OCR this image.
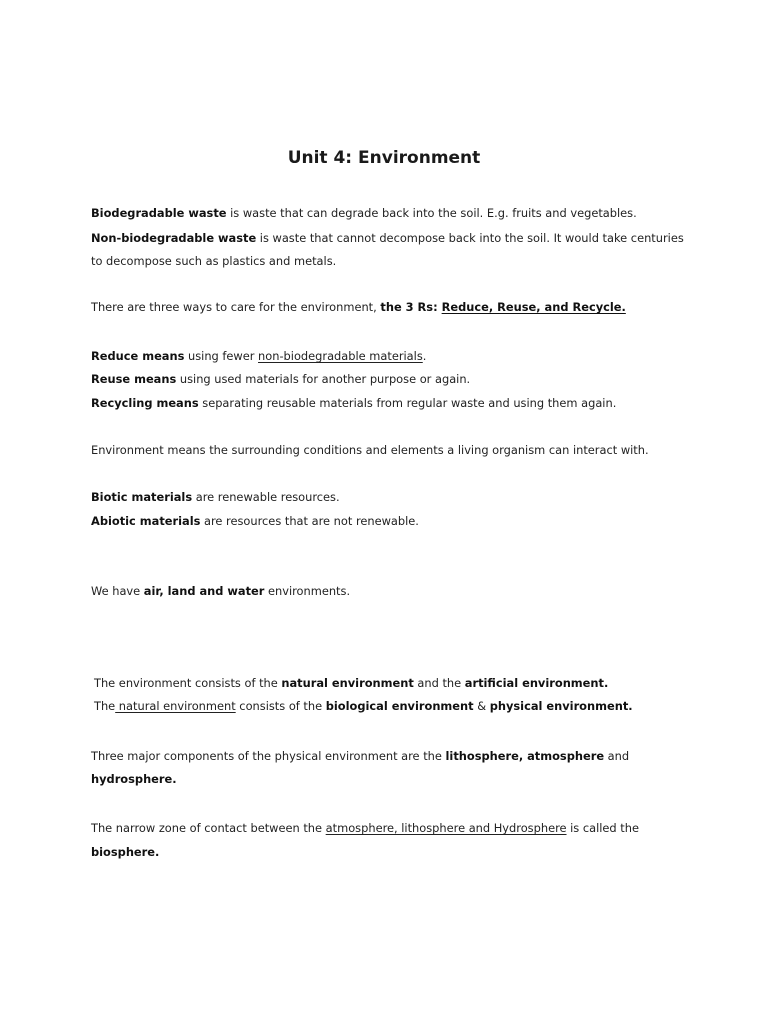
Unit 4: Environment

Biodegradable waste is waste that can degrade back into the soil. E.g. fruits and vegetables.

Non-biodegradable waste is waste that cannot decompose back into the soil. It would take centuries

to decompose such as plastics and metals.

There are three ways to care for the environment, the 3 Rs: Reduce, Reuse, and Recycle.

Reduce means using fewer non-biodegradable materials.

Reuse means using used materials for another purpose or again.

Recycling means separating reusable materials from regular waste and using them again.

Environment means the surrounding conditions and elements a living organism can interact with.

Biotic materials are renewable resources.

Abiotic materials are resources that are not renewable.

We have air, land and water environments.

The environment consists of the natural environment and the artificial environment.

The natural environment consists of the biological environment & physical environment.

Three major components of the physical environment are the lithosphere, atmosphere and

hydrosphere.

The narrow zone of contact between the atmosphere, lithosphere and Hydrosphere is called the

biosphere.
